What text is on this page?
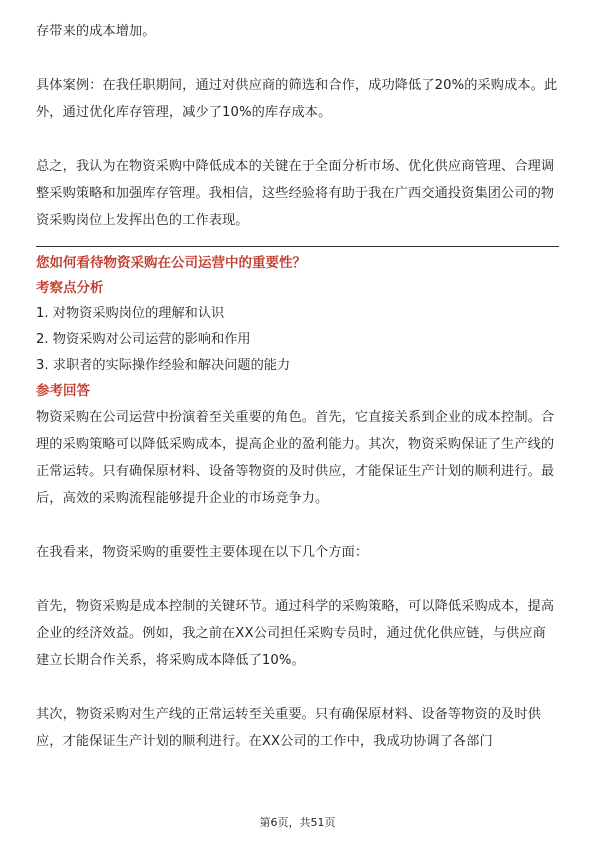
存带来的成本增加。

具体案例：在我任职期间，通过对供应商的筛选和合作，成功降低了20%的采购成本。此外，通过优化库存管理，减少了10%的库存成本。

总之，我认为在物资采购中降低成本的关键在于全面分析市场、优化供应商管理、合理调整采购策略和加强库存管理。我相信，这些经验将有助于我在广西交通投资集团公司的物资采购岗位上发挥出色的工作表现。

您如何看待物资采购在公司运营中的重要性？

考察点分析

1. 对物资采购岗位的理解和认识
2. 物资采购对公司运营的影响和作用
3. 求职者的实际操作经验和解决问题的能力

参考回答

物资采购在公司运营中扮演着至关重要的角色。首先，它直接关系到企业的成本控制。合理的采购策略可以降低采购成本，提高企业的盈利能力。其次，物资采购保证了生产线的正常运转。只有确保原材料、设备等物资的及时供应，才能保证生产计划的顺利进行。最后，高效的采购流程能够提升企业的市场竞争力。

在我看来，物资采购的重要性主要体现在以下几个方面：

首先，物资采购是成本控制的关键环节。通过科学的采购策略，可以降低采购成本，提高企业的经济效益。例如，我之前在XX公司担任采购专员时，通过优化供应链，与供应商建立长期合作关系，将采购成本降低了10%。

其次，物资采购对生产线的正常运转至关重要。只有确保原材料、设备等物资的及时供应，才能保证生产计划的顺利进行。在XX公司的工作中，我成功协调了各部门

第6页，共51页
